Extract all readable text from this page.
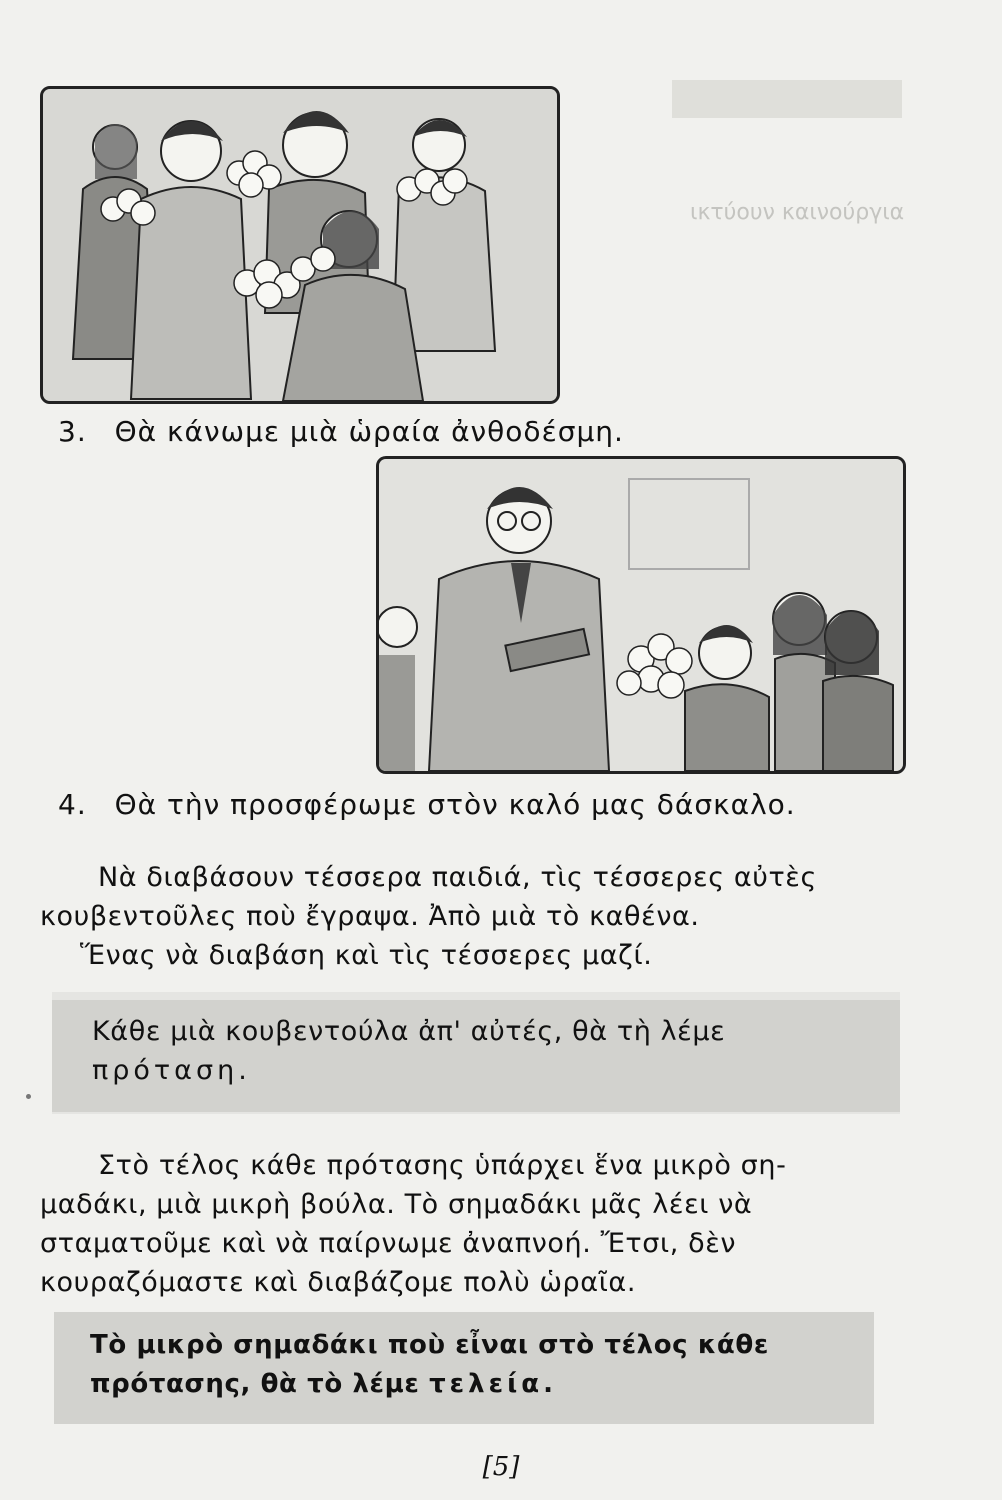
ικτύουν καινούργια
3. Θὰ κάνωμε μιὰ ὡραία ἀνθοδέσμη.
4. Θὰ τὴν προσφέρωμε στὸν καλό μας δάσκαλο.

Νὰ διαβάσουν τέσσερα παιδιά, τὶς τέσσερες αὐτὲς

κουβεντοῦλες ποὺ ἔγραψα. Ἀπὸ μιὰ τὸ καθένα.

Ἕνας νὰ διαβάση καὶ τὶς τέσσερες μαζί.

Κάθε μιὰ κουβεντούλα ἀπ' αὐτές, θὰ τὴ λέμε

πρόταση.

Στὸ τέλος κάθε πρότασης ὑπάρχει ἕνα μικρὸ ση-

μαδάκι, μιὰ μικρὴ βούλα. Τὸ σημαδάκι μᾶς λέει νὰ

σταματοῦμε καὶ νὰ παίρνωμε ἀναπνοή. Ἔτσι, δὲν

κουραζόμαστε καὶ διαβάζομε πολὺ ὡραῖα.

Τὸ μικρὸ σημαδάκι ποὺ εἶναι στὸ τέλος κάθε

πρότασης, θὰ τὸ λέμε τελεία.

[5]
